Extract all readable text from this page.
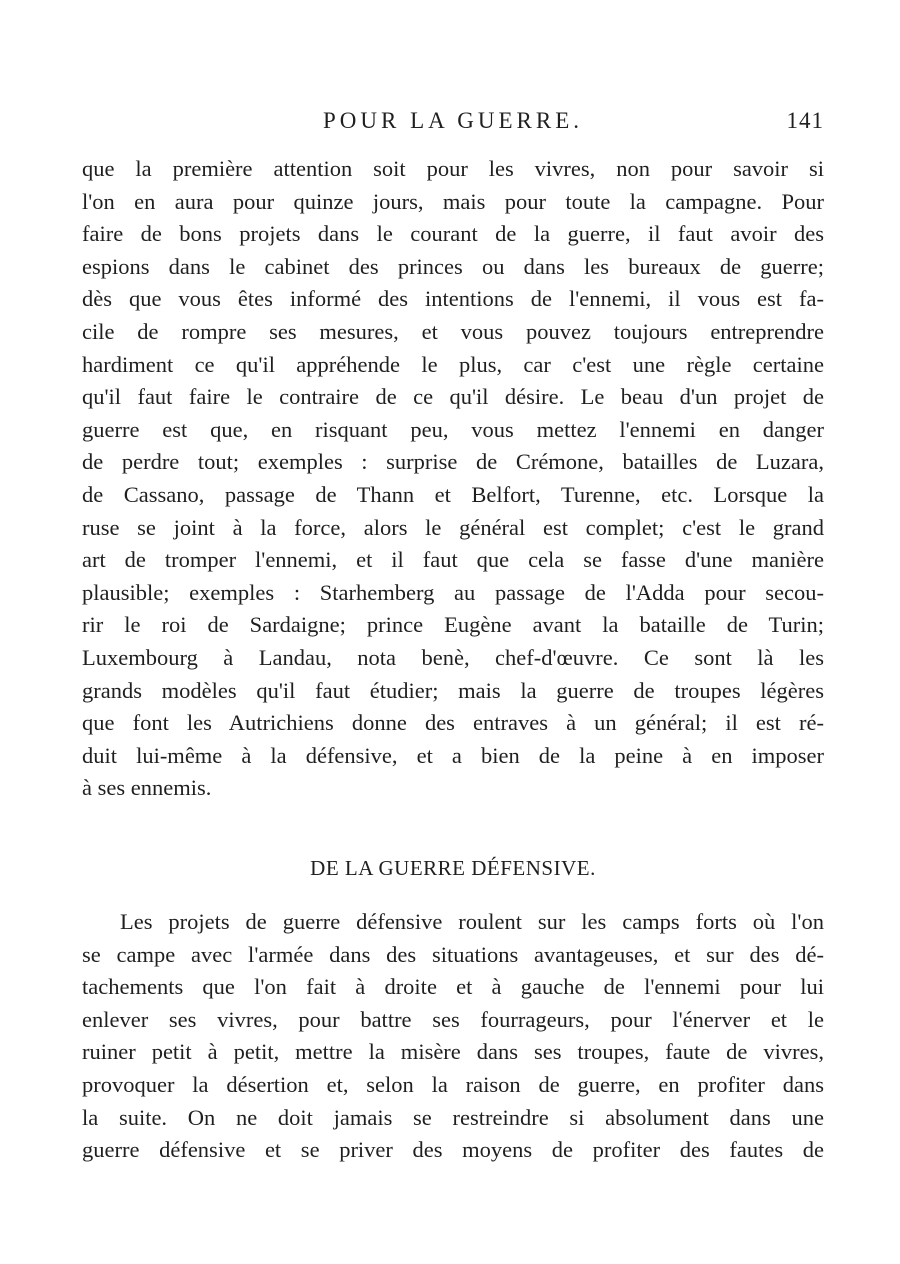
POUR LA GUERRE.	141
que la première attention soit pour les vivres, non pour savoir si
l'on en aura pour quinze jours, mais pour toute la campagne. Pour
faire de bons projets dans le courant de la guerre, il faut avoir des
espions dans le cabinet des princes ou dans les bureaux de guerre;
dès que vous êtes informé des intentions de l'ennemi, il vous est fa-
cile de rompre ses mesures, et vous pouvez toujours entreprendre
hardiment ce qu'il appréhende le plus, car c'est une règle certaine
qu'il faut faire le contraire de ce qu'il désire. Le beau d'un projet de
guerre est que, en risquant peu, vous mettez l'ennemi en danger
de perdre tout; exemples : surprise de Crémone, batailles de Luzara,
de Cassano, passage de Thann et Belfort, Turenne, etc. Lorsque la
ruse se joint à la force, alors le général est complet; c'est le grand
art de tromper l'ennemi, et il faut que cela se fasse d'une manière
plausible; exemples : Starhemberg au passage de l'Adda pour secou-
rir le roi de Sardaigne; prince Eugène avant la bataille de Turin;
Luxembourg à Landau, nota benè, chef-d'œuvre. Ce sont là les
grands modèles qu'il faut étudier; mais la guerre de troupes légères
que font les Autrichiens donne des entraves à un général; il est ré-
duit lui-même à la défensive, et a bien de la peine à en imposer
à ses ennemis.
DE LA GUERRE DÉFENSIVE.
Les projets de guerre défensive roulent sur les camps forts où l'on
se campe avec l'armée dans des situations avantageuses, et sur des dé-
tachements que l'on fait à droite et à gauche de l'ennemi pour lui
enlever ses vivres, pour battre ses fourrageurs, pour l'énerver et le
ruiner petit à petit, mettre la misère dans ses troupes, faute de vivres,
provoquer la désertion et, selon la raison de guerre, en profiter dans
la suite. On ne doit jamais se restreindre si absolument dans une
guerre défensive et se priver des moyens de profiter des fautes de
